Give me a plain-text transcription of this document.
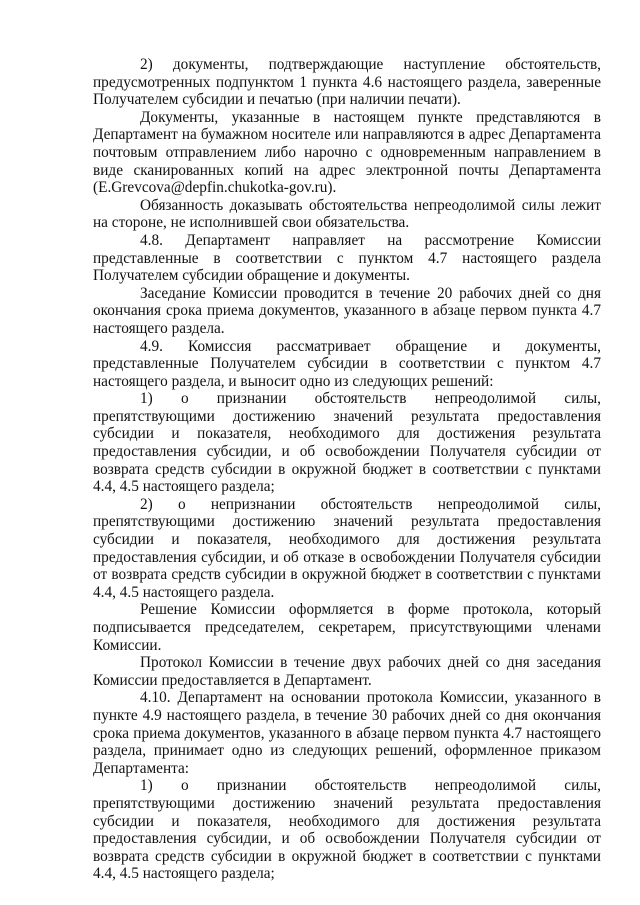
2) документы, подтверждающие наступление обстоятельств, предусмотренных подпунктом 1 пункта 4.6 настоящего раздела, заверенные Получателем субсидии и печатью (при наличии печати).

Документы, указанные в настоящем пункте представляются в Департамент на бумажном носителе или направляются в адрес Департамента почтовым отправлением либо нарочно с одновременным направлением в виде сканированных копий на адрес электронной почты Департамента (E.Grevcova@depfin.chukotka-gov.ru).

Обязанность доказывать обстоятельства непреодолимой силы лежит на стороне, не исполнившей свои обязательства.

4.8. Департамент направляет на рассмотрение Комиссии представленные в соответствии с пунктом 4.7 настоящего раздела Получателем субсидии обращение и документы.

Заседание Комиссии проводится в течение 20 рабочих дней со дня окончания срока приема документов, указанного в абзаце первом пункта 4.7 настоящего раздела.

4.9. Комиссия рассматривает обращение и документы, представленные Получателем субсидии в соответствии с пунктом 4.7 настоящего раздела, и выносит одно из следующих решений:

1) о признании обстоятельств непреодолимой силы, препятствующими достижению значений результата предоставления субсидии и показателя, необходимого для достижения результата предоставления субсидии, и об освобождении Получателя субсидии от возврата средств субсидии в окружной бюджет в соответствии с пунктами 4.4, 4.5 настоящего раздела;

2) о непризнании обстоятельств непреодолимой силы, препятствующими достижению значений результата предоставления субсидии и показателя, необходимого для достижения результата предоставления субсидии, и об отказе в освобождении Получателя субсидии от возврата средств субсидии в окружной бюджет в соответствии с пунктами 4.4, 4.5 настоящего раздела.

Решение Комиссии оформляется в форме протокола, который подписывается председателем, секретарем, присутствующими членами Комиссии.

Протокол Комиссии в течение двух рабочих дней со дня заседания Комиссии предоставляется в Департамент.

4.10. Департамент на основании протокола Комиссии, указанного в пункте 4.9 настоящего раздела, в течение 30 рабочих дней со дня окончания срока приема документов, указанного в абзаце первом пункта 4.7 настоящего раздела, принимает одно из следующих решений, оформленное приказом Департамента:

1) о признании обстоятельств непреодолимой силы, препятствующими достижению значений результата предоставления субсидии и показателя, необходимого для достижения результата предоставления субсидии, и об освобождении Получателя субсидии от возврата средств субсидии в окружной бюджет в соответствии с пунктами 4.4, 4.5 настоящего раздела;
